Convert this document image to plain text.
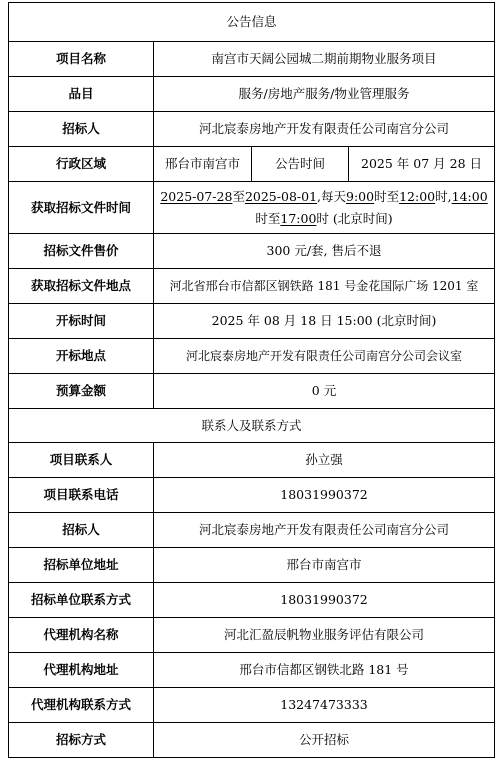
公告信息			
项目名称	南宫市天阔公园城二期前期物业服务项目		
品目	服务/房地产服务/物业管理服务		
招标人	河北宸泰房地产开发有限责任公司南宫分公司		
行政区域	邢台市南宫市	公告时间	2025 年 07 月 28 日
获取招标文件时间	2025-07-28至2025-08-01,每天9:00时至12:00时,14:00
时至17:00时 (北京时间)		
招标文件售价	300 元/套, 售后不退		
获取招标文件地点	河北省邢台市信都区钢铁路 181 号金花国际广场 1201 室		
开标时间	2025 年 08 月 18 日 15:00 (北京时间)		
开标地点	河北宸泰房地产开发有限责任公司南宫分公司会议室		
预算金额	0 元		
联系人及联系方式			
项目联系人	孙立强		
项目联系电话	18031990372		
招标人	河北宸泰房地产开发有限责任公司南宫分公司		
招标单位地址	邢台市南宫市		
招标单位联系方式	18031990372		
代理机构名称	河北汇盈辰帆物业服务评估有限公司		
代理机构地址	邢台市信都区钢铁北路 181 号		
代理机构联系方式	13247473333		
招标方式	公开招标		
